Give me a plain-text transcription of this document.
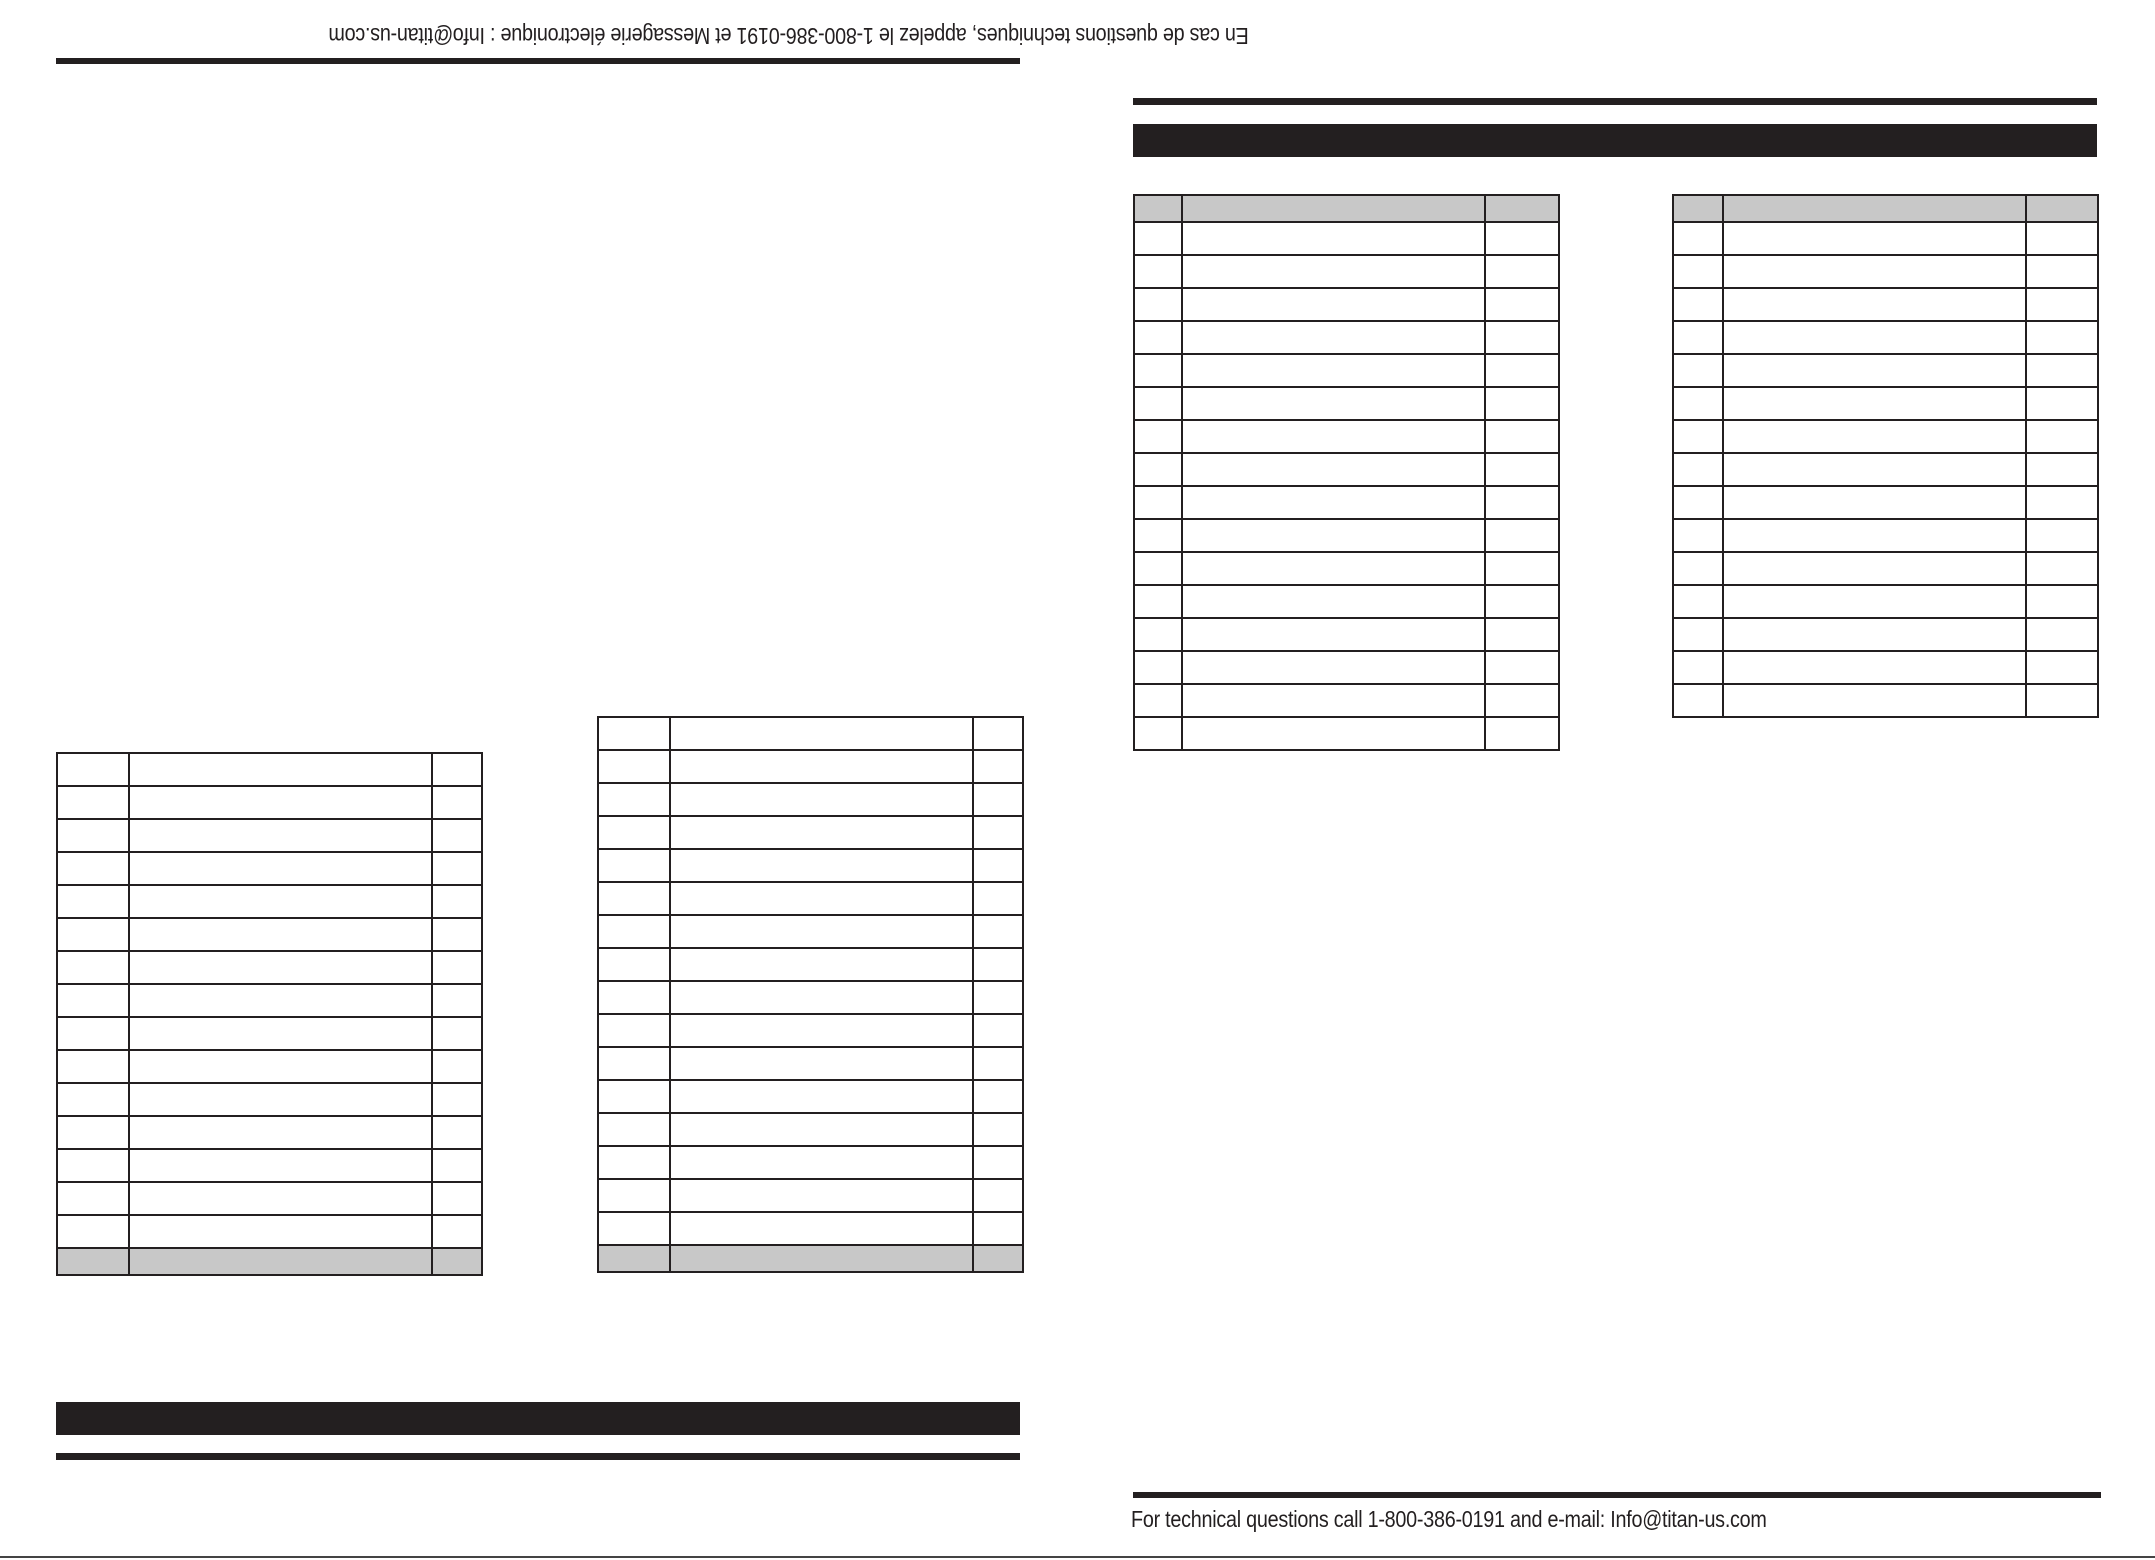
En cas de questions techniques, appelez le 1-800-386-0191 et Messagerie électronique : Info@titan-us.com

For technical questions call 1-800-386-0191 and e-mail: Info@titan-us.com
